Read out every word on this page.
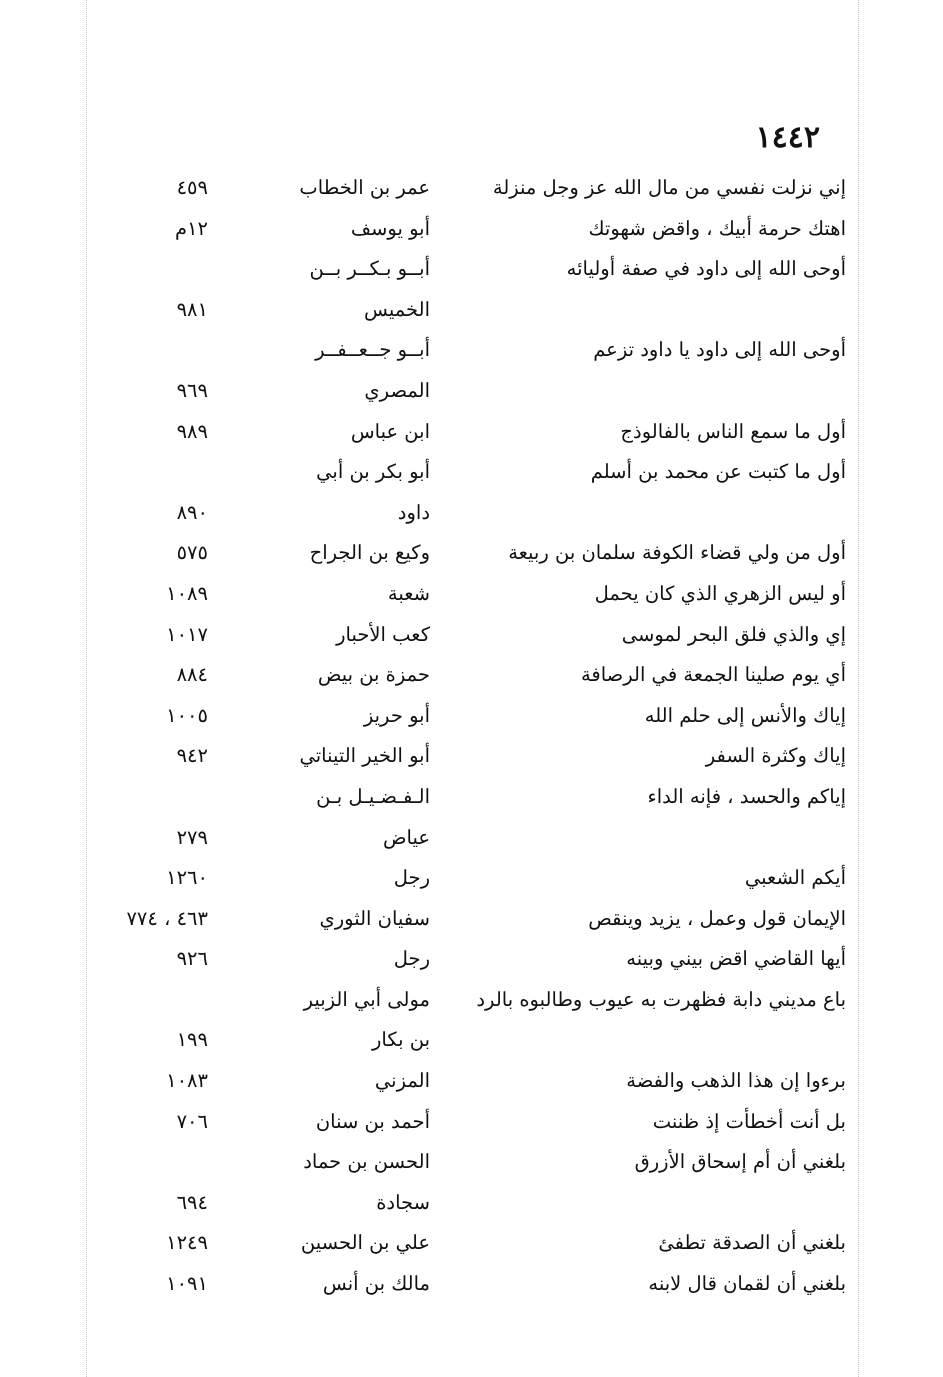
١٤٤٢
إني نزلت نفسي من مال الله عز وجل منزلة
عمر بن الخطاب
٤٥٩
اهتك حرمة أبيك ، واقض شهوتك
أبو يوسف
١٢م
أوحى الله إلى داود في صفة أوليائه
أبــو بـكــر بــن
الخميس
٩٨١
أوحى الله إلى داود يا داود تزعم
أبــو جــعــفــر
المصري
٩٦٩
أول ما سمع الناس بالفالوذج
ابن عباس
٩٨٩
أول ما كتبت عن محمد بن أسلم
أبو بكر بن أبي
داود
٨٩٠
أول من ولي قضاء الكوفة سلمان بن ربيعة
وكيع بن الجراح
٥٧٥
أو ليس الزهري الذي كان يحمل
شعبة
١٠٨٩
إي والذي فلق البحر لموسى
كعب الأحبار
١٠١٧
أي يوم صلينا الجمعة في الرصافة
حمزة بن بيض
٨٨٤
إياك والأنس إلى حلم الله
أبو حريز
١٠٠٥
إياك وكثرة السفر
أبو الخير التيناتي
٩٤٢
إياكم والحسد ، فإنه الداء
الـفـضـيـل بـن
عياض
٢٧٩
أيكم الشعبي
رجل
١٢٦٠
الإيمان قول وعمل ، يزيد وينقص
سفيان الثوري
٤٦٣ ، ٧٧٤
أيها القاضي اقض بيني وبينه
رجل
٩٢٦
باع مديني دابة فظهرت به عيوب وطالبوه بالرد
مولى أبي الزبير
بن بكار
١٩٩
برءوا إن هذا الذهب والفضة
المزني
١٠٨٣
بل أنت أخطأت إذ ظننت
أحمد بن سنان
٧٠٦
بلغني أن أم إسحاق الأزرق
الحسن بن حماد
سجادة
٦٩٤
بلغني أن الصدقة تطفئ
علي بن الحسين
١٢٤٩
بلغني أن لقمان قال لابنه
مالك بن أنس
١٠٩١
